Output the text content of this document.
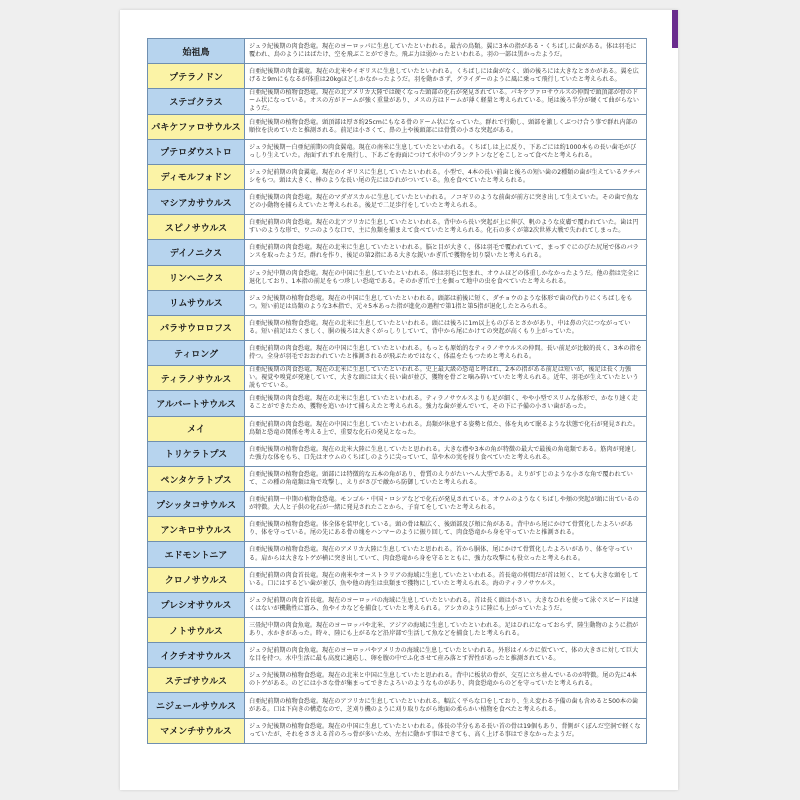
始祖鳥
ジュラ紀後期の肉食恐竜。現在のヨーロッパに生息していたといわれる。最古の鳥類。翼に3本の指がある・くちばしに歯がある。体は羽毛に覆われ、鳥のようにはばたけ、空を飛ぶことができた。飛ぶ力は弱かったといわれる。羽の一部は黒かったようだ。
プテラノドン
白亜紀後期の肉食翼竜。現在の北米やイギリスに生息していたといわれる。くちばしには歯がなく、頭の後ろには大きなとさかがある。翼を広げると9mにもなるが体重は20kgほどしかなかったようだ。羽を動かさず、グライダーのように風に乗って飛行していたと考えられる。
ステゴクラス
白亜紀後期の植物食恐竜。現在の北アメリカ大陸では硬くなった頭部の化石が発見されている。パキケファロサウルスの仲間で頭頂部が骨のドーム状になっている。オスの方がドームが強く重量があり、メスの方はドームが薄く軽量と考えられている。尾は後ろ半分が硬くて曲がらないようだ。
パキケファロサウルス
白亜紀後期の植物食恐竜。頭頂部は厚さ約25cmにもなる骨のドーム状になっていた。群れで行動し、頭部を激しくぶつけ合う事で群れ内部の順位を決めていたと推測される。前足は小さくて、鼻の上や後頭部には骨質の小さな突起がある。
プテロダウストロ
ジュラ紀後期〜白亜紀前期の肉食翼竜。現在の南米に生息していたといわれる。くちばしは上に反り、下あごには約1000本もの長い歯毛がびっしり生えていた。海面すれすれを飛行し、下あごを海面につけて水中のプランクトンなどをこしとって食べたと考えられる。
ディモルフォドン
ジュラ紀前期の肉食翼竜。現在のイギリスに生息していたといわれる。小型で、4本の長い前歯と後ろの短い歯の2種類の歯が生えているクチバシをもつ。頭は大きく、棒のような長い尾の先にはひれがついている。魚を食べていたと考えられる。
マシアカサウルス
白亜紀後期の肉食恐竜。現在のマダガスカルに生息していたといわれる。ノコギリのような前歯が前方に突き出して生えていた。その歯で魚などの小動物を捕らえていたと考えられる。後足で二足歩行をしていたと考えられる。
スピノサウルス
白亜紀前期の肉食恐竜。現在の北アフリカに生息していたといわれる。背中から長い突起が上に伸び、帆のような皮膚で覆われていた。歯は円すいのような形で、ワニのような口で、主に魚類を捕まえて食べていたと考えられる。化石の多くが第2次世界大戦で失われてしまった。
デイノニクス
白亜紀前期の肉食恐竜。現在の北米に生息していたといわれる。脳と目が大きく、体は羽毛で覆われていて、まっすぐにのびた尻尾で体のバランスを取ったようだ。群れを作り、後足の第2指にある大きな鋭いかぎ爪で獲物を切り裂いたと考えられる。
リンヘニクス
ジュラ紀中期の肉食恐竜。現在の中国に生息していたといわれる。体は羽毛に包まれ、オウムほどの体重しかなかったようだ。他の指は完全に退化しており、1本指の前足をもつ珍しい恐竜である。そのかぎ爪で土を掘って地中の虫を食べていたと考えられる。
リムサウルス
ジュラ紀後期の植物食恐竜。現在の中国に生息していたといわれる。頭部は前後に短く、ダチョウのような体形で歯の代わりにくちばしをもつ。短い前足は鳥類のような3本指で、元々5本あった指が進化の過程で第1指と第5指が退化したとみられる。
パラサウロロフス
白亜紀後期の植物食恐竜。現在の北米に生息していたといわれる。頭には後ろに1m以上ものびるとさかがあり、中は鼻の穴につながっている。短い前足はたくましく、胴の後ろは大きくがっしりしていて、背中から尾にかけての突起が高くもり上がっていた。
ティロング
白亜紀前期の肉食恐竜。現在の中国に生息していたといわれる。もっとも原始的なティラノサウルスの仲間。長い前足が比較的長く、3本の指を持つ。全身が羽毛でおおわれていたと推測されるが飛ぶためではなく、体温をたもつためと考えられる。
ティラノサウルス
白亜紀後期の肉食恐竜。現在の北米に生息していたといわれる。史上最大級の恐竜と呼ばれ、2本の指がある前足は短いが、後足は長く力強い。視覚や嗅覚が発達していて、大きな頭には太く長い歯が並び、獲物を骨ごと噛み砕いていたと考えられる。近年、羽毛が生えていたという説もでている。
アルバートサウルス
白亜紀後期の肉食恐竜。現在の北米に生息していたといわれる。ティラノサウルスよりも足が細く、やや小型でスリムな体形で、かなり速く走ることができたため、獲物を追いかけて捕らえたと考えられる。強力な歯が並んでいて、その下に予備の小さい歯があった。
メイ
白亜紀前期の肉食恐竜。現在の中国に生息していたといわれる。鳥類が休息する姿勢と似た、体を丸めて眠るような状態で化石が発見された。鳥類と恐竜の関係を考える上で、重要な化石の発見となった。
トリケラトプス
白亜紀後期の植物食恐竜。現在の北米大陸に生息していたと思われる。大きな襟や3本の角が特徴の最大で最後の角竜類である。筋肉が発達した強力な体をもち、口先はオウムのくちばしのように尖っていて、草や木の実を採り食べていたと考えられる。
ペンタケラトプス
白亜紀後期の植物食恐竜。頭部には特徴的な五本の角があり、骨質のえりがたいへん大型である。えりがすじのような小さな角で覆われていて、この種の角竜類は角で攻撃し、えりがさびで敵から防御していたと考えられる。
プシッタコサウルス
白亜紀前期〜中期の植物食恐竜。モンゴル・中国・ロシアなどで化石が発見されている。オウムのようなくちばしや頬の突起が頭に出ているのが特徴。大人と子供の化石が一緒に発見されたことから、子育てをしていたと考えられる。
アンキロサウルス
白亜紀後期の植物食恐竜。体全体を装甲化している。頭の骨は幅広く、後頭部及び頬に角がある。背中から尾にかけて骨質化したよろいがあり、体を守っている。尾の先にある骨の塊をハンマーのように振り回して、肉食恐竜から身を守っていたと推測される。
エドモントニア
白亜紀後期の植物食恐竜。現在のアメリカ大陸に生息していたと思われる。首から胴体、尾にかけて骨質化したよろいがあり、体を守っている。肩からは大きなトゲが横に突き出していて、肉食恐竜から身を守るとともに、強力な攻撃にも役立ったと考えられる。
クロノサウルス
白亜紀前期の肉食首長竜。現在の南米やオーストラリアの海域に生息していたといわれる。首長竜の仲間だが首は短く、とても大きな頭をしている。口にはするどい歯が並び、魚や他の海生は虫類まで獲物にしていたと考えられる。海のティラノサウルス。
プレシオサウルス
ジュラ紀前期の肉食首長竜。現在のヨーロッパの海域に生息していたといわれる。首は長く頭は小さい。大きなひれを使って泳ぐスピードは速くはないが機動性に富み、魚やイカなどを捕食していたと考えられる。アシカのように陸にも上がっていたようだ。
ノトサウルス
三畳紀中期の肉食魚竜。現在のヨーロッパや北米、アジアの海域に生息していたといわれる。足はひれになっておらず、陸生動物のように指があり、水かきがあった。時々、陸にも上がるなど沿岸部で生活して魚などを捕食したと考えられる。
イクチオサウルス
ジュラ紀前期の肉食魚竜。現在のヨーロッパやアメリカの海域に生息していたといわれる。外形はイルカに似ていて、体の大きさに対して巨大な目を持つ。水中生活に最も高度に適応し、卵を腹の中でふ化させて産み落とす習性があったと推測されている。
ステゴサウルス
ジュラ紀後期の植物食恐竜。現在の北米と中国に生息していたと思われる。背中に板状の骨が、交互に立ち並んでいるのが特徴。尾の先に4本のトゲがある。のどには小さな骨が集まってできたよろいのようなものがあり、肉食恐竜からのどを守っていたと考えられる。
ニジェールサウルス
白亜紀前期の植物食恐竜。現在のアフリカに生息していたといわれる。幅広く平らな口をしており、生え変わる予備の歯も含めると500本の歯がある。口は下向きの構造なので、芝刈り機のように刈り取りながら地面の柔らかい植物を食べたと考えられる。
マメンチサウルス
ジュラ紀後期の植物食恐竜。現在の中国に生息していたといわれる。体長の半分もある長い首の骨は19個もあり、背側がくぼんだ空洞で軽くなっていたが、それをささえる首のろっ骨が多いため、左右に動かす事はできても、高く上げる事はできなかったようだ。
